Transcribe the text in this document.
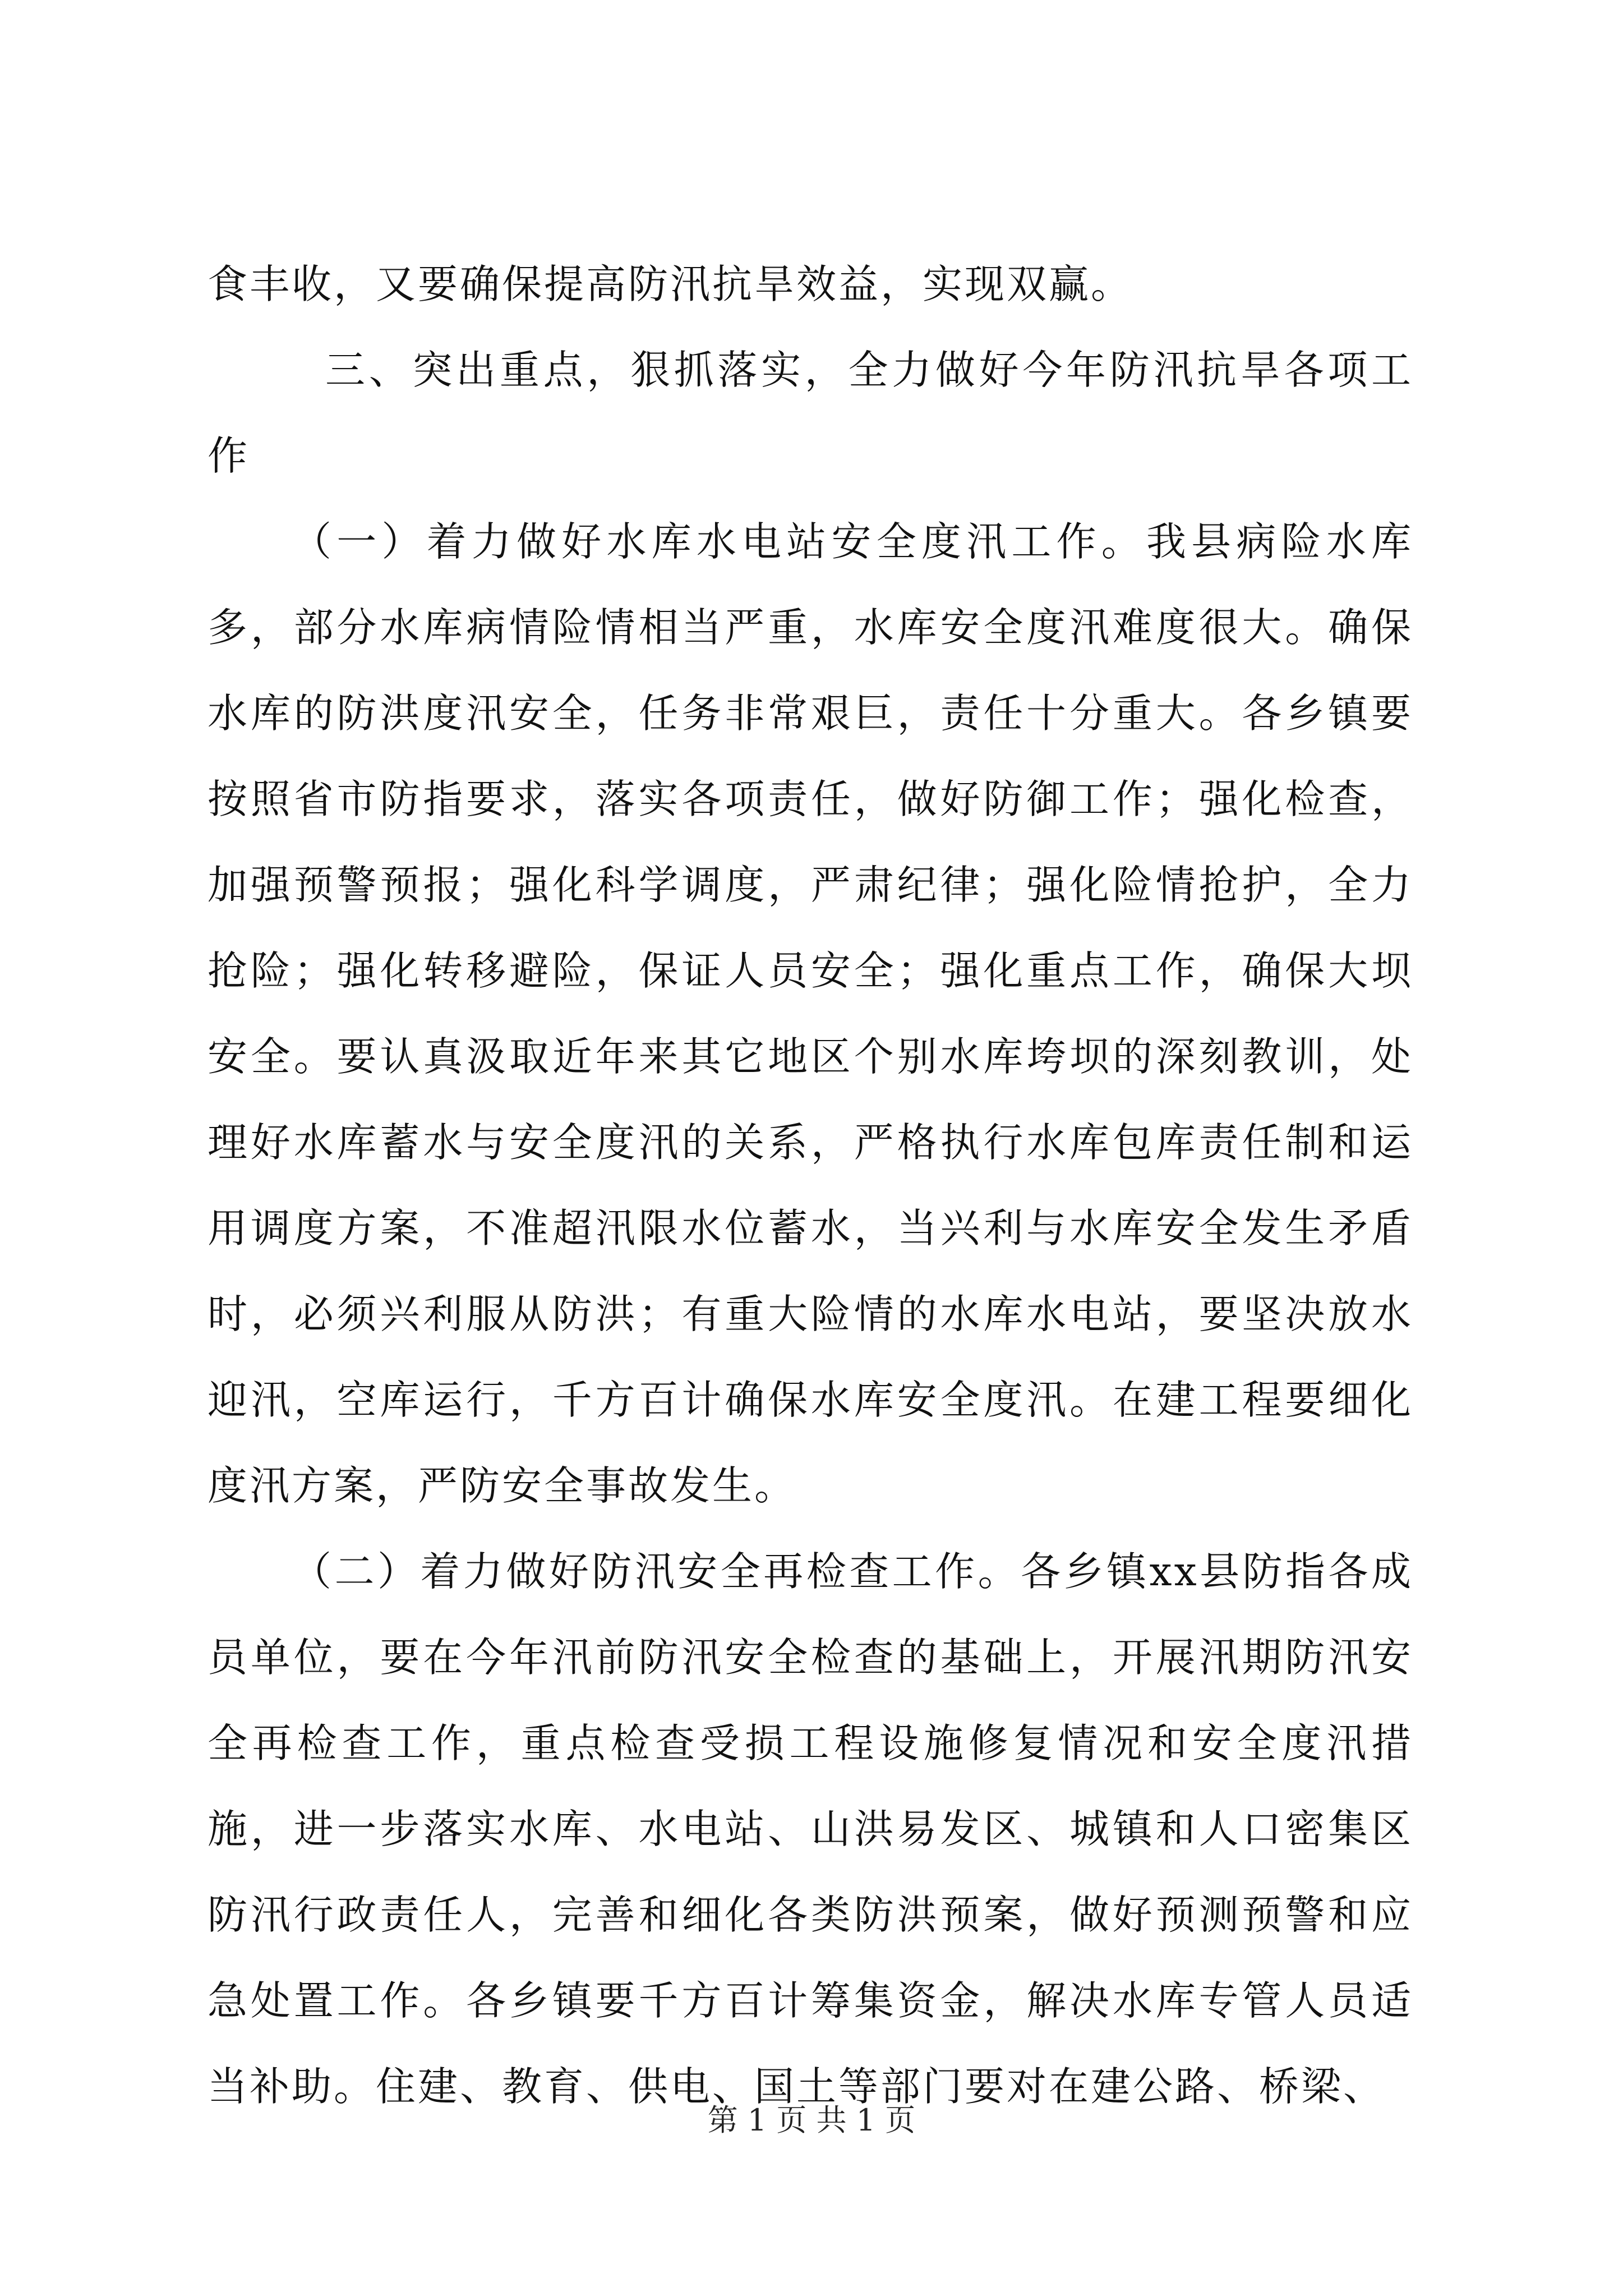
食丰收，又要确保提高防汛抗旱效益，实现双赢。

三、突出重点，狠抓落实，全力做好今年防汛抗旱各项工作

（一）着力做好水库水电站安全度汛工作。我县病险水库多，部分水库病情险情相当严重，水库安全度汛难度很大。确保水库的防洪度汛安全，任务非常艰巨，责任十分重大。各乡镇要按照省市防指要求，落实各项责任，做好防御工作；强化检查，加强预警预报；强化科学调度，严肃纪律；强化险情抢护，全力抢险；强化转移避险，保证人员安全；强化重点工作，确保大坝安全。要认真汲取近年来其它地区个别水库垮坝的深刻教训，处理好水库蓄水与安全度汛的关系，严格执行水库包库责任制和运用调度方案，不准超汛限水位蓄水，当兴利与水库安全发生矛盾时，必须兴利服从防洪；有重大险情的水库水电站，要坚决放水迎汛，空库运行，千方百计确保水库安全度汛。在建工程要细化度汛方案，严防安全事故发生。

（二）着力做好防汛安全再检查工作。各乡镇xx县防指各成员单位，要在今年汛前防汛安全检查的基础上，开展汛期防汛安全再检查工作，重点检查受损工程设施修复情况和安全度汛措施，进一步落实水库、水电站、山洪易发区、城镇和人口密集区防汛行政责任人，完善和细化各类防洪预案，做好预测预警和应急处置工作。各乡镇要千方百计筹集资金，解决水库专管人员适当补助。住建、教育、供电、国土等部门要对在建公路、桥梁、

第 1 页 共 1 页
